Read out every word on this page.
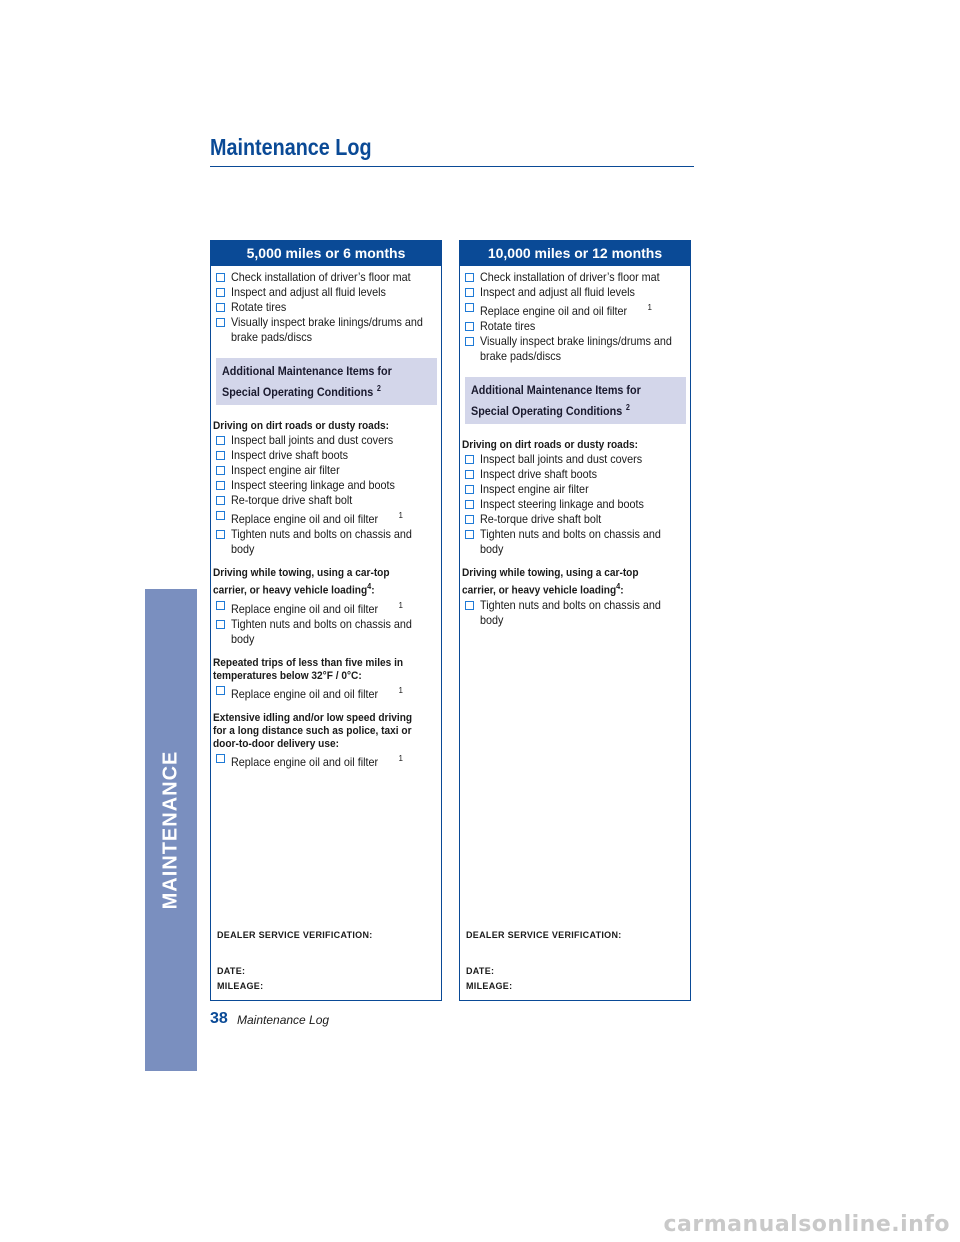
Maintenance Log
MAINTENANCE
5,000 miles or 6 months
Check installation of driver’s floor mat
Inspect and adjust all fluid levels
Rotate tires
Visually inspect brake linings/drums and
brake pads/discs
Additional Maintenance Items for
Special Operating Conditions $^2$
Driving on dirt roads or dusty roads:
Inspect ball joints and dust covers
Inspect drive shaft boots
Inspect engine air filter
Inspect steering linkage and boots
Re-torque drive shaft bolt
Replace engine oil and oil filter	$^1$
Tighten nuts and bolts on chassis and
body
Driving while towing, using a car-top
carrier, or heavy vehicle loading$^4$:
Replace engine oil and oil filter	$^1$
Tighten nuts and bolts on chassis and
body
Repeated trips of less than five miles in
temperatures below 32°F / 0°C:
Replace engine oil and oil filter	$^1$
Extensive idling and/or low speed driving
for a long distance such as police, taxi or
door-to-door delivery use:
Replace engine oil and oil filter	$^1$
DEALER SERVICE VERIFICATION:
DATE:
MILEAGE:
10,000 miles or 12 months
Check installation of driver’s floor mat
Inspect and adjust all fluid levels
Replace engine oil and oil filter	$^1$
Rotate tires
Visually inspect brake linings/drums and
brake pads/discs
Additional Maintenance Items for
Special Operating Conditions $^2$
Driving on dirt roads or dusty roads:
Inspect ball joints and dust covers
Inspect drive shaft boots
Inspect engine air filter
Inspect steering linkage and boots
Re-torque drive shaft bolt
Tighten nuts and bolts on chassis and
body
Driving while towing, using a car-top
carrier, or heavy vehicle loading$^4$:
Tighten nuts and bolts on chassis and
body
DEALER SERVICE VERIFICATION:
DATE:
MILEAGE:
38 Maintenance Log
carmanualsonline.info
